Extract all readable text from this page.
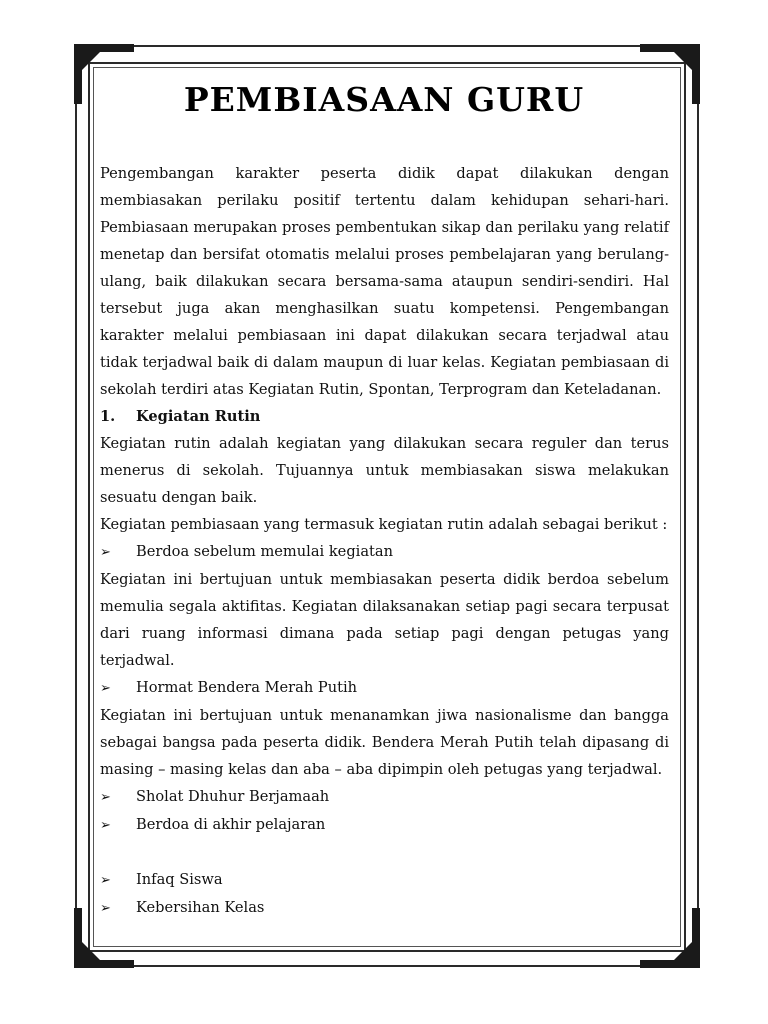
PEMBIASAAN GURU

Pengembangan karakter peserta didik dapat dilakukan dengan membiasakan perilaku positif tertentu dalam kehidupan sehari-hari. Pembiasaan merupakan proses pembentukan sikap dan perilaku yang relatif menetap dan bersifat otomatis melalui proses pembelajaran yang berulang-ulang, baik dilakukan secara bersama-sama ataupun sendiri-sendiri. Hal tersebut juga akan menghasilkan suatu kompetensi. Pengembangan karakter melalui pembiasaan ini dapat dilakukan secara terjadwal atau tidak terjadwal baik di dalam maupun di luar kelas. Kegiatan pembiasaan di sekolah terdiri atas Kegiatan Rutin, Spontan, Terprogram dan Keteladanan.

1.	Kegiatan Rutin

Kegiatan rutin adalah kegiatan yang dilakukan secara reguler dan terus menerus di sekolah. Tujuannya untuk membiasakan siswa melakukan sesuatu dengan baik.

Kegiatan pembiasaan yang termasuk kegiatan rutin adalah sebagai berikut :

➢	Berdoa sebelum memulai kegiatan

Kegiatan ini bertujuan untuk membiasakan peserta didik berdoa sebelum memulia segala aktifitas. Kegiatan dilaksanakan setiap pagi secara terpusat dari ruang informasi dimana pada setiap pagi dengan petugas yang terjadwal.

➢	Hormat Bendera Merah Putih

Kegiatan ini bertujuan untuk menanamkan jiwa nasionalisme dan bangga sebagai bangsa pada peserta didik. Bendera Merah Putih telah dipasang di masing – masing kelas dan aba – aba dipimpin oleh petugas yang terjadwal.

➢	Sholat Dhuhur Berjamaah

➢	Berdoa di akhir pelajaran

➢	Infaq Siswa

➢	Kebersihan Kelas
